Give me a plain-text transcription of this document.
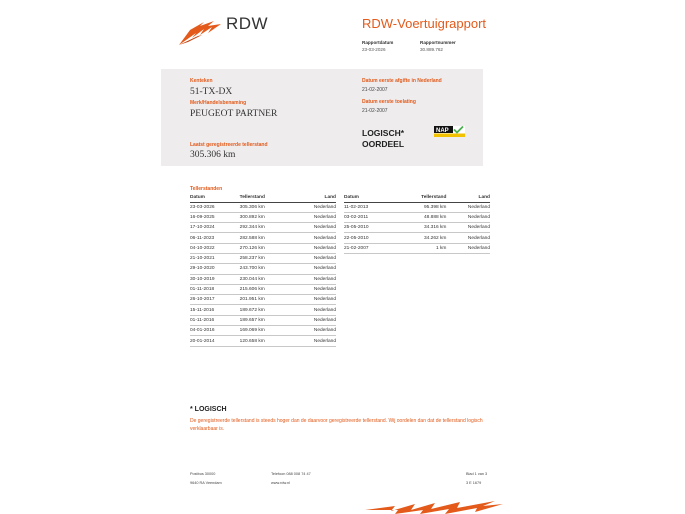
RDW	RDW-Voertuigrapport
Rapportdatum
23-03-2026
Rapportnummer
30.889.762
Kenteken
51-TX-DX
Merk/Handelsbenaming
PEUGEOT PARTNER
Laatst geregistreerde tellerstand
305.306 km
Datum eerste afgifte in Nederland
21-02-2007
Datum eerste toelating
21-02-2007
LOGISCH*
OORDEEL
NAP
Tellerstanden
Datum	Tellerstand	Land
23-03-2026	305.306 km	Nederland
16-09-2025	300.892 km	Nederland
17-10-2024	292.344 km	Nederland
06-11-2023	282.588 km	Nederland
04-10-2022	270.126 km	Nederland
21-10-2021	258.237 km	Nederland
29-10-2020	243.700 km	Nederland
30-10-2019	230.044 km	Nederland
01-11-2018	215.606 km	Nederland
26-10-2017	201.951 km	Nederland
15-11-2016	189.672 km	Nederland
01-11-2016	189.657 km	Nederland
04-01-2016	169.069 km	Nederland
20-01-2014	120.658 km	Nederland
Datum	Tellerstand	Land
11-02-2013	95.398 km	Nederland
03-02-2011	48.888 km	Nederland
25-05-2010	34.316 km	Nederland
22-05-2010	34.262 km	Nederland
21-02-2007	1 km	Nederland
* LOGISCH
De geregistreerde tellerstand is steeds hoger dan de daarvoor geregistreerde tellerstand. Wij oordelen dan dat de tellerstand logisch verklaarbaar is.
Postbus 30000
9640 RA Veendam
Telefoon 088 008 74 47
www.rdw.nl
Blad 1 van 3
3 E 1679
